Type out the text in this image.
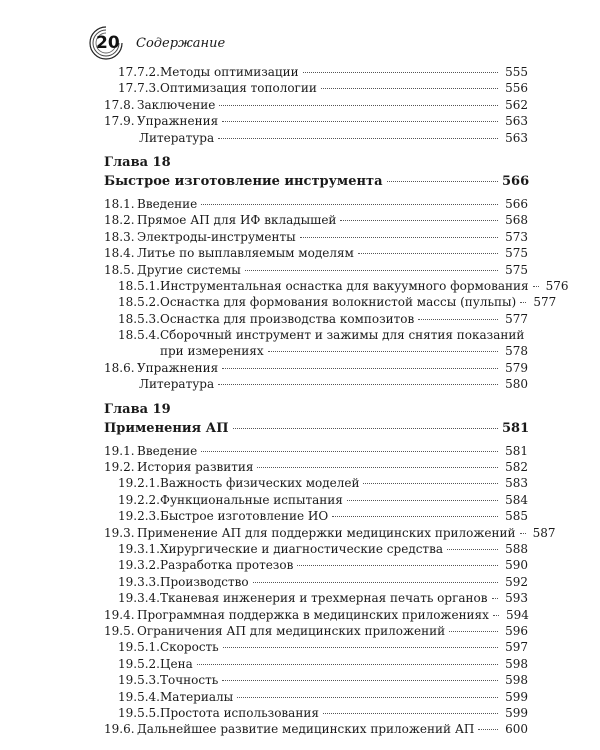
20	Содержание
17.7.2. Методы оптимизации	555
17.7.3. Оптимизация топологии	556
17.8. Заключение	562
17.9. Упражнения	563
Литература	563
Глава 18
Быстрое изготовление инструмента	566
18.1. Введение	566
18.2. Прямое АП для ИФ вкладышей	568
18.3. Электроды-инструменты	573
18.4. Литье по выплавляемым моделям	575
18.5. Другие системы	575
18.5.1. Инструментальная оснастка для вакуумного формования 576
18.5.2. Оснастка для формования волокнистой массы (пульпы) 577
18.5.3. Оснастка для производства композитов	577
18.5.4. Сборочный инструмент и зажимы для снятия показаний
при измерениях	578
18.6. Упражнения	579
Литература	580
Глава 19
Применения АП	581
19.1. Введение	581
19.2. История развития	582
19.2.1. Важность физических моделей	583
19.2.2. Функциональные испытания	584
19.2.3. Быстрое изготовление ИО	585
19.3. Применение АП для поддержки медицинских приложений 587
19.3.1. Хирургические и диагностические средства	588
19.3.2. Разработка протезов	590
19.3.3. Производство	592
19.3.4. Тканевая инженерия и трехмерная печать органов 593
19.4. Программная поддержка в медицинских приложениях 594
19.5. Ограничения АП для медицинских приложений	596
19.5.1. Скорость	597
19.5.2. Цена	598
19.5.3. Точность	598
19.5.4. Материалы	599
19.5.5. Простота использования	599
19.6. Дальнейшее развитие медицинских приложений АП	600
